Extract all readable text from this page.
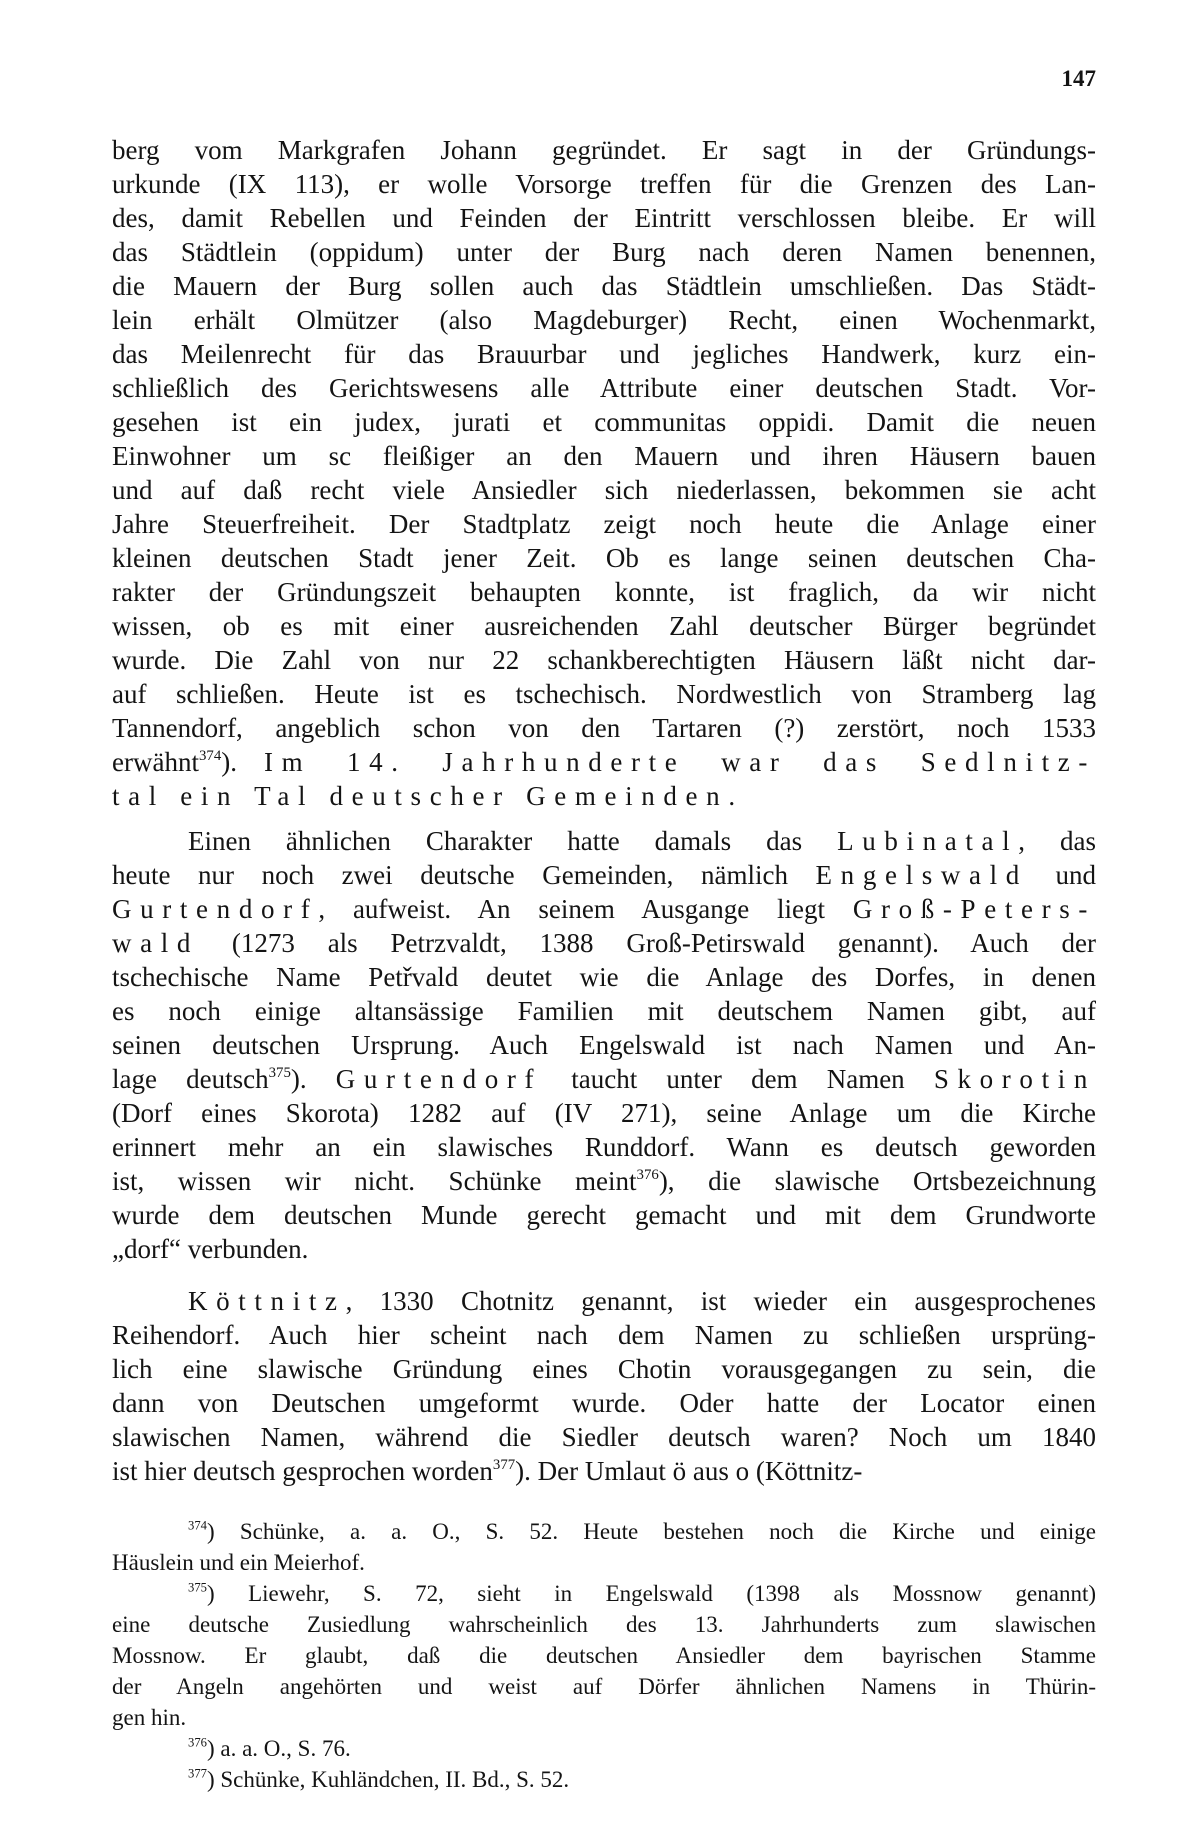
147
berg vom Markgrafen Johann gegründet. Er sagt in der Gründungs-
urkunde (IX 113), er wolle Vorsorge treffen für die Grenzen des Lan-
des, damit Rebellen und Feinden der Eintritt verschlossen bleibe. Er will
das Städtlein (oppidum) unter der Burg nach deren Namen benennen,
die Mauern der Burg sollen auch das Städtlein umschließen. Das Städt-
lein erhält Olmützer (also Magdeburger) Recht, einen Wochenmarkt,
das Meilenrecht für das Brauurbar und jegliches Handwerk, kurz ein-
schließlich des Gerichtswesens alle Attribute einer deutschen Stadt. Vor-
gesehen ist ein judex, jurati et communitas oppidi. Damit die neuen
Einwohner um sc fleißiger an den Mauern und ihren Häusern bauen
und auf daß recht viele Ansiedler sich niederlassen, bekommen sie acht
Jahre Steuerfreiheit. Der Stadtplatz zeigt noch heute die Anlage einer
kleinen deutschen Stadt jener Zeit. Ob es lange seinen deutschen Cha-
rakter der Gründungszeit behaupten konnte, ist fraglich, da wir nicht
wissen, ob es mit einer ausreichenden Zahl deutscher Bürger begründet
wurde. Die Zahl von nur 22 schankberechtigten Häusern läßt nicht dar-
auf schließen. Heute ist es tschechisch. Nordwestlich von Stramberg lag
Tannendorf, angeblich schon von den Tartaren (?) zerstört, noch 1533
erwähnt$^{374}$). Im 14. Jahrhunderte war das Sedlnitz-
tal ein Tal deutscher Gemeinden.
Einen ähnlichen Charakter hatte damals das Lubinatal, das
heute nur noch zwei deutsche Gemeinden, nämlich Engelswald und
Gurtendorf, aufweist. An seinem Ausgange liegt Groß-Peters-
wald (1273 als Petrzvaldt, 1388 Groß-Petirswald genannt). Auch der
tschechische Name Petřvald deutet wie die Anlage des Dorfes, in denen
es noch einige altansässige Familien mit deutschem Namen gibt, auf
seinen deutschen Ursprung. Auch Engelswald ist nach Namen und An-
lage deutsch$^{375}$). Gurtendorf taucht unter dem Namen Skorotin
(Dorf eines Skorota) 1282 auf (IV 271), seine Anlage um die Kirche
erinnert mehr an ein slawisches Runddorf. Wann es deutsch geworden
ist, wissen wir nicht. Schünke meint$^{376}$), die slawische Ortsbezeichnung
wurde dem deutschen Munde gerecht gemacht und mit dem Grundworte
„dorf“ verbunden.
Köttnitz, 1330 Chotnitz genannt, ist wieder ein ausgesprochenes
Reihendorf. Auch hier scheint nach dem Namen zu schließen ursprüng-
lich eine slawische Gründung eines Chotin vorausgegangen zu sein, die
dann von Deutschen umgeformt wurde. Oder hatte der Locator einen
slawischen Namen, während die Siedler deutsch waren? Noch um 1840
ist hier deutsch gesprochen worden$^{377}$). Der Umlaut ö aus o (Köttnitz-
$^{374}$) Schünke, a. a. O., S. 52. Heute bestehen noch die Kirche und einige
Häuslein und ein Meierhof.
$^{375}$) Liewehr, S. 72, sieht in Engelswald (1398 als Mossnow genannt)
eine deutsche Zusiedlung wahrscheinlich des 13. Jahrhunderts zum slawischen
Mossnow. Er glaubt, daß die deutschen Ansiedler dem bayrischen Stamme
der Angeln angehörten und weist auf Dörfer ähnlichen Namens in Thürin-
gen hin.
$^{376}$) a. a. O., S. 76.
$^{377}$) Schünke, Kuhländchen, II. Bd., S. 52.
